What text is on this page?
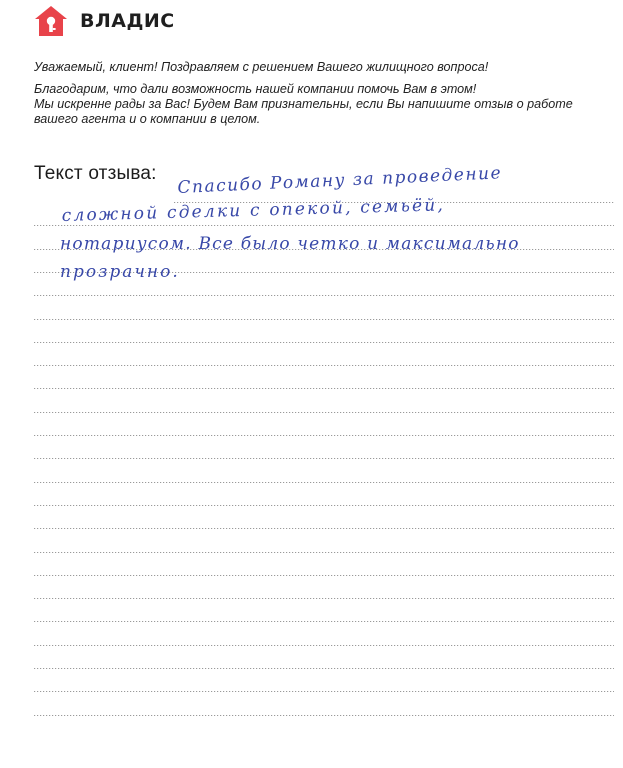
ВЛАДИС

Уважаемый, клиент! Поздравляем с решением Вашего жилищного вопроса!

Благодарим, что дали возможность нашей компании помочь Вам в этом!

Мы искренне рады за Вас! Будем Вам признательны, если Вы напишите отзыв о работе

вашего агента и о компании в целом.

Текст отзыва: Спасибо Роману за проведение
сложной сделки с опекой, семьёй,
нотариусом. Все было четко и максимально
прозрачно.
